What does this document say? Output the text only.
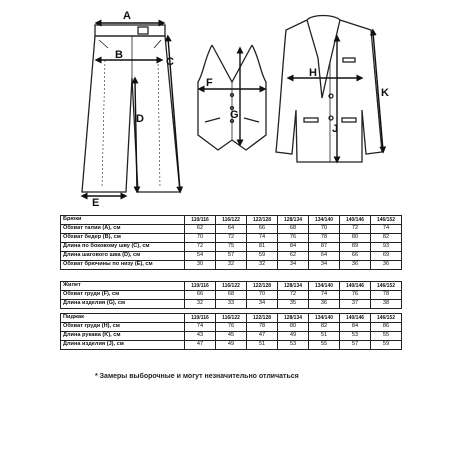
A
B
C
D
E
F
G
H
K
J
Брюки	110/116	116/122	122/128	128/134	134/140	140/146	146/152
Обхват талии (А), см	62	64	66	68	70	72	74
Обхват бедер (В), см	70	72	74	76	78	80	82
Длина по боковому шву (С), см	72	75	81	84	87	89	93
Длина шагового шва (D), см	54	57	59	62	64	66	69
Обхват брючины по низу (Е), см	30	32	32	34	34	36	36
Жилет	110/116	116/122	122/128	128/134	134/140	140/146	146/152
Обхват груди (F), см	66	68	70	72	74	76	78
Длина изделия (G), см	32	33	34	35	36	37	38
Пиджак	110/116	116/122	122/128	128/134	134/140	140/146	146/152
Обхват груди (H), см	74	76	78	80	82	84	86
Длина рукава (K), см	43	45	47	49	51	53	55
Длина изделия (J), см	47	49	51	53	55	57	59
* Замеры выборочные и могут незначительно отличаться
